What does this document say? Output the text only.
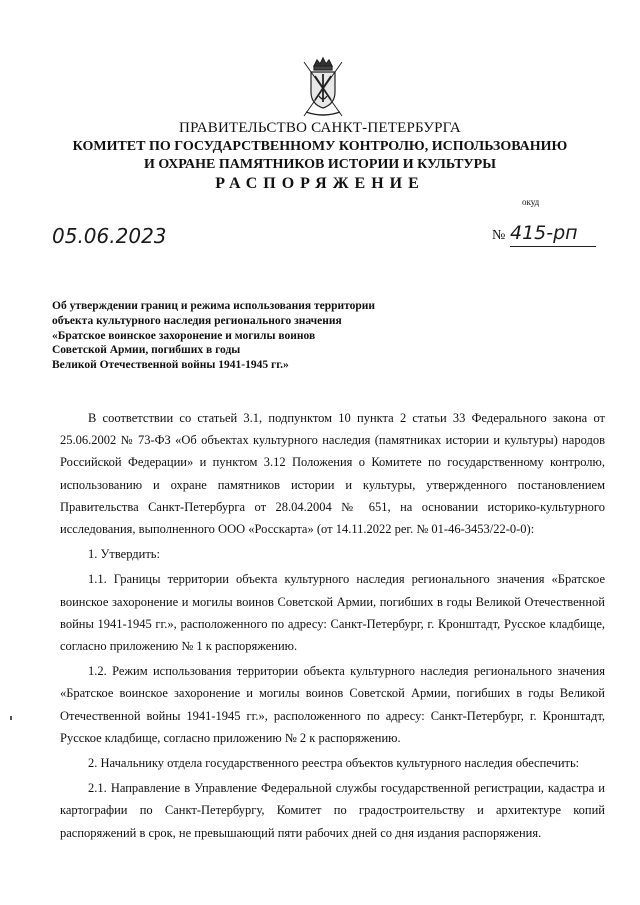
ПРАВИТЕЛЬСТВО САНКТ-ПЕТЕРБУРГА
КОМИТЕТ ПО ГОСУДАРСТВЕННОМУ КОНТРОЛЮ, ИСПОЛЬЗОВАНИЮ
И ОХРАНЕ ПАМЯТНИКОВ ИСТОРИИ И КУЛЬТУРЫ
РАСПОРЯЖЕНИЕ
окуд
05.06.2023	№ 415-рп
Об утверждении границ и режима использования территории
объекта культурного наследия регионального значения
«Братское воинское захоронение и могилы воинов
Советской Армии, погибших в годы
Великой Отечественной войны 1941-1945 гг.»

В соответствии со статьей 3.1, подпунктом 10 пункта 2 статьи 33 Федерального закона от 25.06.2002 № 73-ФЗ «Об объектах культурного наследия (памятниках истории и культуры) народов Российской Федерации» и пунктом 3.12 Положения о Комитете по государственному контролю, использованию и охране памятников истории и культуры, утвержденного постановлением Правительства Санкт-Петербурга от 28.04.2004 № 651, на основании историко-культурного исследования, выполненного ООО «Росскарта» (от 14.11.2022 рег. № 01-46-3453/22-0-0):

1. Утвердить:

1.1. Границы территории объекта культурного наследия регионального значения «Братское воинское захоронение и могилы воинов Советской Армии, погибших в годы Великой Отечественной войны 1941-1945 гг.», расположенного по адресу: Санкт-Петербург, г. Кронштадт, Русское кладбище, согласно приложению № 1 к распоряжению.

1.2. Режим использования территории объекта культурного наследия регионального значения «Братское воинское захоронение и могилы воинов Советской Армии, погибших в годы Великой Отечественной войны 1941-1945 гг.», расположенного по адресу: Санкт-Петербург, г. Кронштадт, Русское кладбище, согласно приложению № 2 к распоряжению.

2. Начальнику отдела государственного реестра объектов культурного наследия обеспечить:

2.1. Направление в Управление Федеральной службы государственной регистрации, кадастра и картографии по Санкт-Петербургу, Комитет по градостроительству и архитектуре копий распоряжений в срок, не превышающий пяти рабочих дней со дня издания распоряжения.
